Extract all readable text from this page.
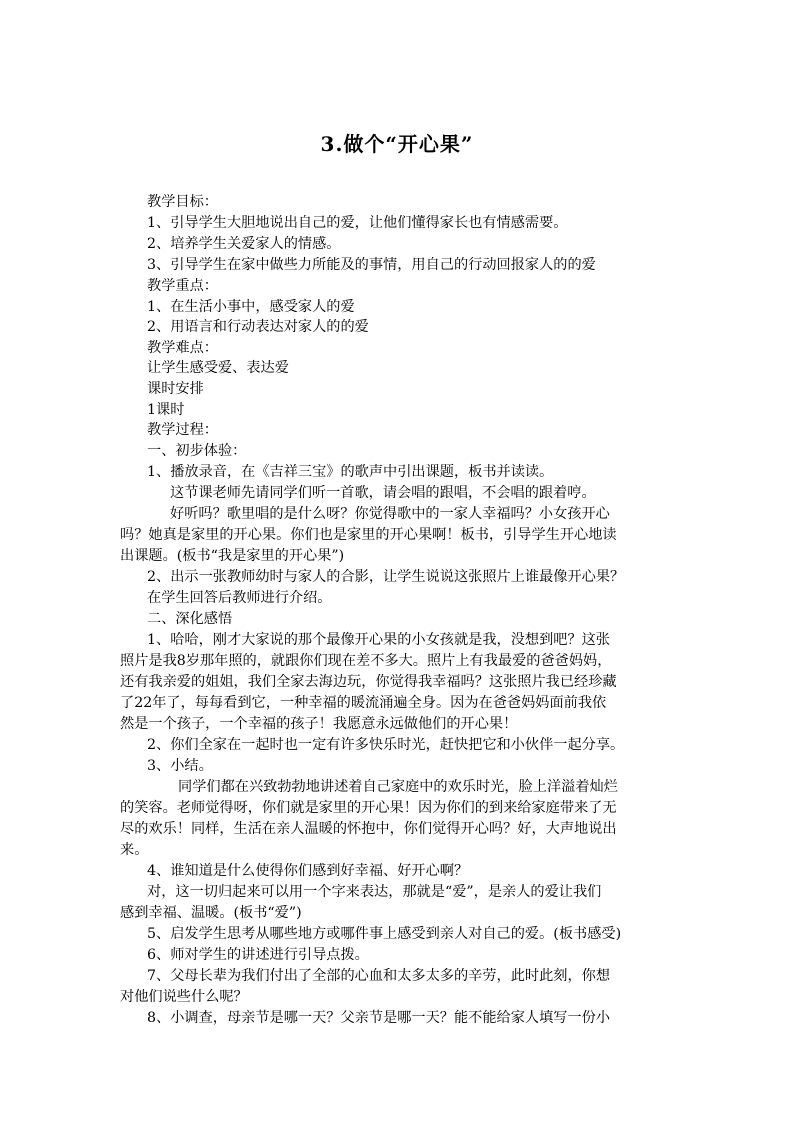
3.做个“开心果”
教学目标：
1、引导学生大胆地说出自己的爱，让他们懂得家长也有情感需要。
2、培养学生关爱家人的情感。
3、引导学生在家中做些力所能及的事情，用自己的行动回报家人的的爱
教学重点：
1、在生活小事中，感受家人的爱
2、用语言和行动表达对家人的的爱
教学难点：
让学生感受爱、表达爱
课时安排
1课时
教学过程：
一、初步体验：
1、播放录音，在《吉祥三宝》的歌声中引出课题，板书并读读。
这节课老师先请同学们听一首歌，请会唱的跟唱，不会唱的跟着哼。
好听吗？歌里唱的是什么呀？你觉得歌中的一家人幸福吗？小女孩开心
吗？她真是家里的开心果。你们也是家里的开心果啊！板书，引导学生开心地读
出课题。(板书“我是家里的开心果”)
2、出示一张教师幼时与家人的合影，让学生说说这张照片上谁最像开心果？
在学生回答后教师进行介绍。
二、深化感悟
1、哈哈，刚才大家说的那个最像开心果的小女孩就是我，没想到吧？这张
照片是我8岁那年照的，就跟你们现在差不多大。照片上有我最爱的爸爸妈妈，
还有我亲爱的姐姐，我们全家去海边玩，你觉得我幸福吗？这张照片我已经珍藏
了22年了，每每看到它，一种幸福的暖流涌遍全身。因为在爸爸妈妈面前我依
然是一个孩子，一个幸福的孩子！我愿意永远做他们的开心果！
2、你们全家在一起时也一定有许多快乐时光，赶快把它和小伙伴一起分享。
3、小结。
同学们都在兴致勃勃地讲述着自己家庭中的欢乐时光，脸上洋溢着灿烂
的笑容。老师觉得呀，你们就是家里的开心果！因为你们的到来给家庭带来了无
尽的欢乐！同样，生活在亲人温暖的怀抱中，你们觉得开心吗？好，大声地说出
来。
4、谁知道是什么使得你们感到好幸福、好开心啊？
对，这一切归起来可以用一个字来表达，那就是“爱”，是亲人的爱让我们
感到幸福、温暖。(板书“爱”)
5、启发学生思考从哪些地方或哪件事上感受到亲人对自己的爱。(板书感受)
6、师对学生的讲述进行引导点拨。
7、父母长辈为我们付出了全部的心血和太多太多的辛劳，此时此刻，你想
对他们说些什么呢？
8、小调查，母亲节是哪一天？父亲节是哪一天？能不能给家人填写一份小
